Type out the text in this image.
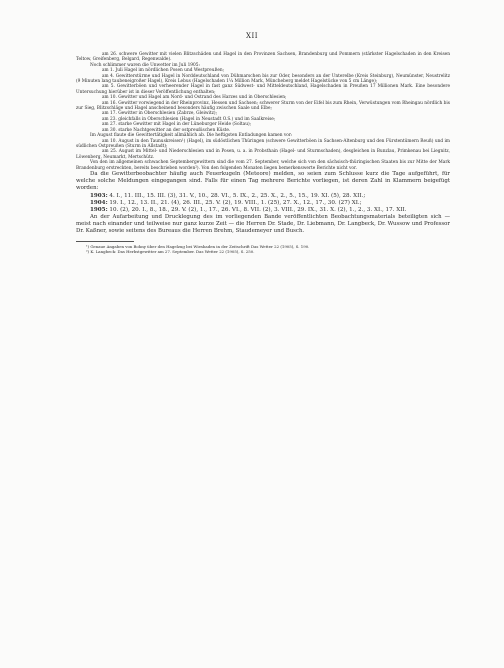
XII

am 26. schwere Gewitter mit vielen Blitzschäden und Hagel in den Provinzen Sachsen, Brandenburg und Pommern (stärkster Hagelschaden in den Kreisen Teltow, Greifenberg, Belgard, Regenwalde).

Noch schlimmer waren die Unwetter im Juli 1905:

am 1. Juli Hagel im nördlichen Posen und Westpreußen;

am 4. Gewitterstürme und Hagel in Norddeutschland von Dühmarschen bis zur Oder, besonders an der Unterelbe (Kreis Steinburg), Neumünster, Neustrelitz (9 Minuten lang taubeneigroßer Hagel), Kreis Lebus (Hagelschaden 1¼ Million Mark, Müncheberg meldet Hagelstücke von 5 cm Länge);

am 5. Gewitterböen und verheerender Hagel in fast ganz Südwest- und Mitteldeutschland, Hagelschaden in Preußen 17 Millionen Mark. Eine besondere Untersuchung hierüber ist in dieser Veröffentlichung enthalten;

am 10. Gewitter und Hagel am Nord- und Ostrand des Harzes und in Oberschlesien;

am 16. Gewitter vorwiegend in der Rheinprovinz, Hessen und Sachsen; schwerer Sturm von der Eifel bis zum Rhein, Verwüstungen vom Rheingau nördlich bis zur Sieg, Blitzschläge und Hagel anscheinend besonders häufig zwischen Saale und Elbe;

am 17. Gewitter in Oberschlesien (Zabrze, Gleiwitz);

am 23. gleichfalls in Oberschlesien (Hagel in Neustadt O.S.) und im Saalkreise;

am 27. starke Gewitter mit Hagel in der Lüneburger Heide (Soltau);

am 30. starke Nachtgewitter an der ostpreußischen Küste.

Im August flaute die Gewittertätigkeit allmählich ab. Die heftigsten Entladungen kamen vor:

am 10. August in den Taunuskreisen¹) (Hagel), im südöstlichen Thüringen (schwere Gewitterböen in Sachsen-Altenburg und den Fürstentümern Reuß) und im südlichen Ostpreußen (Sturm in Allstadt);

am 25. August im Mittel- und Niederschlesien und in Posen, u. a. in Probsthain (Hagel- und Sturmschaden), desgleichen in Bunzlau, Primkenau bei Liegnitz, Löwenberg, Neumarkt, Mertschütz.

Von den im allgemeinen schwachen Septembergewittern sind die vom 27. September, welche sich von den sächsisch-thüringischen Staaten bis zur Mitte der Mark Brandenburg erstreckten, bereits beschrieben worden²). Von den folgenden Monaten liegen bemerkenswerte Berichte nicht vor.

Da die Gewitterbeobachter häufig auch Feuerkugeln (Meteore) melden, so seien zum Schlusse kurz die Tage aufgeführt, für welche solche Meldungen eingegangen sind. Falls für einen Tag mehrere Berichte vorliegen, ist deren Zahl in Klammern beigefügt worden:

1903: 4. I., 11. III., 15. III. (3), 31. V., 10., 28. VI., 5. IX., 2., 25. X., 2., 5., 15., 19. XI. (5), 28. XII.;

1904: 19. I., 12., 13. II., 21. (4), 26. III., 25. V. (2), 19. VIII., 1. (25), 27. X., 12., 17., 30. (27) XI.;

1905: 10. (2), 20. I., 8., 18., 29. V. (2), 1., 17., 26. VI., 8. VII. (2), 3. VIII., 29. IX., 31. X. (2), 1., 2., 3. XI., 17. XII.

An der Aufarbeitung und Drucklegung des im vorliegenden Bande veröffentlichten Beobachtungsmaterials beteiligten sich — meist nach einander und teilweise nur ganz kurze Zeit — die Herren Dr. Stade, Dr. Liebmann, Dr. Langbeck, Dr. Wussow und Professor Dr. Kaßner, sowie seitens des Bureaus die Herren Brehm, Staudemeyer und Busch.

¹) Genaue Angaben von Bohny über den Hagelzug bei Wiesbaden in der Zeitschrift Das Wetter 22 (1905), S. 190.

²) K. Langbeck: Das Herbstgewitter am 27. September. Das Wetter 22 (1905), S. 250.
